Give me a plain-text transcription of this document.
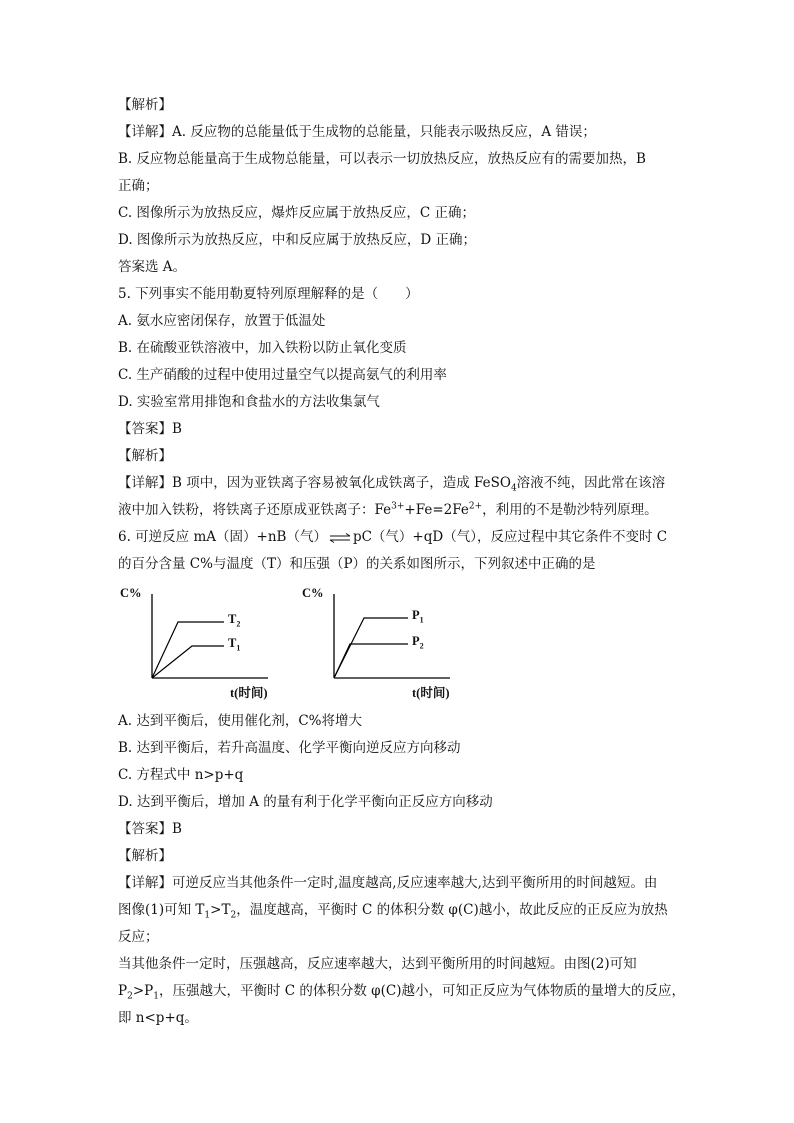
【解析】
【详解】A. 反应物的总能量低于生成物的总能量，只能表示吸热反应，A 错误；
B. 反应物总能量高于生成物总能量，可以表示一切放热反应，放热反应有的需要加热，B
正确；
C. 图像所示为放热反应，爆炸反应属于放热反应，C 正确；
D. 图像所示为放热反应，中和反应属于放热反应，D 正确；
答案选 A。
5. 下列事实不能用勒夏特列原理解释的是（　　）
A. 氨水应密闭保存，放置于低温处
B. 在硫酸亚铁溶液中，加入铁粉以防止氧化变质
C. 生产硝酸的过程中使用过量空气以提高氨气的利用率
D. 实验室常用排饱和食盐水的方法收集氯气
【答案】B
【解析】
【详解】B 项中，因为亚铁离子容易被氧化成铁离子，造成 FeSO$_4$溶液不纯，因此常在该溶
液中加入铁粉，将铁离子还原成亚铁离子：$Fe^{3+}+Fe=2Fe^{2+}$，利用的不是勒沙特列原理。
6. 可逆反应 mA（固）+nB（气） ⇌ pC（气）+qD（气），反应过程中其它条件不变时 C
的百分含量 C%与温度（T）和压强（P）的关系如图所示，下列叙述中正确的是
C%
$T_2$
$T_1$
t(时间)
C%
$P_1$
$P_2$
t(时间)
A. 达到平衡后，使用催化剂，C%将增大
B. 达到平衡后，若升高温度、化学平衡向逆反应方向移动
C. 方程式中 n>p+q
D. 达到平衡后，增加 A 的量有利于化学平衡向正反应方向移动
【答案】B
【解析】
【详解】可逆反应当其他条件一定时,温度越高,反应速率越大,达到平衡所用的时间越短。由
图像(1)可知 $T_1>T_2$，温度越高，平衡时 C 的体积分数 φ(C)越小，故此反应的正反应为放热
反应；
当其他条件一定时，压强越高，反应速率越大，达到平衡所用的时间越短。由图(2)可知
$P_2>P_1$，压强越大，平衡时 C 的体积分数 φ(C)越小，可知正反应为气体物质的量增大的反应，
即 n<p+q。
